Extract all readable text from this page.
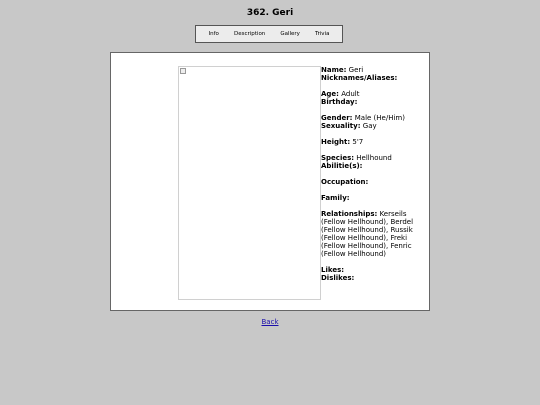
362. Geri
Info	Description	Gallery	Trivia
Name: Geri
Nicknames/Aliases:
Age: Adult
Birthday:
Gender: Male (He/Him)
Sexuality: Gay
Height: 5'7
Species: Hellhound
Abilitie(s):
Occupation:
Family:
Relationships: Kerseils
(Fellow Hellhound), Berdel
(Fellow Hellhound), Russik
(Fellow Hellhound), Freki
(Fellow Hellhound), Fenric
(Fellow Hellhound)
Likes:
Dislikes:
Back
